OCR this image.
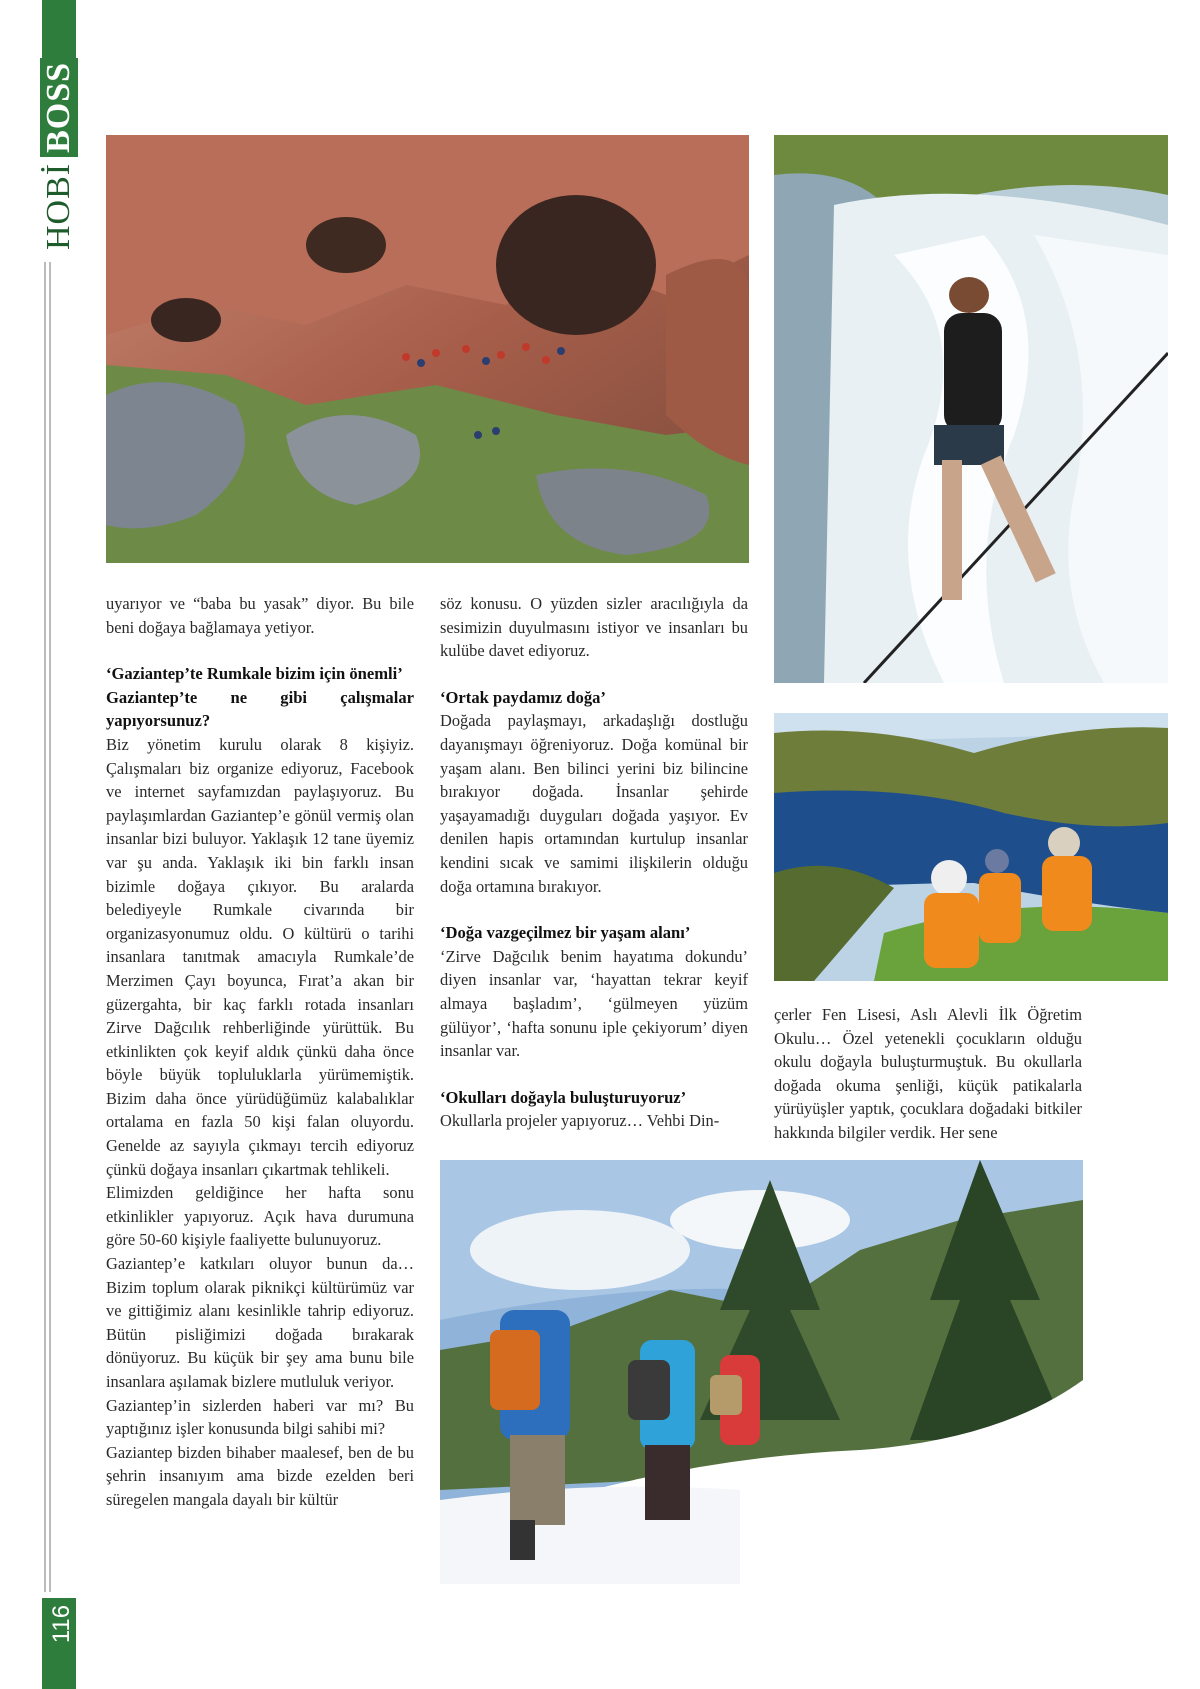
HOBİ
BOSS
116

uyarıyor ve “baba bu yasak” diyor. Bu bile beni doğaya bağlamaya yetiyor.

‘Gaziantep’te Rumkale bizim için önemli’
Gaziantep’te ne gibi çalışmalar yapıyorsunuz?

Biz yönetim kurulu olarak 8 kişiyiz. Çalışmaları biz organize ediyoruz, Facebook ve internet sayfamızdan paylaşıyoruz. Bu paylaşımlardan Gaziantep’e gönül vermiş olan insanlar bizi buluyor. Yaklaşık 12 tane üyemiz var şu anda. Yaklaşık iki bin farklı insan bizimle doğaya çıkıyor. Bu aralarda belediyeyle Rumkale civarında bir organizasyonumuz oldu. O kültürü o tarihi insanlara tanıtmak amacıyla Rumkale’de Merzimen Çayı boyunca, Fırat’a akan bir güzergahta, bir kaç farklı rotada insanları Zirve Dağcılık rehberliğinde yürüttük. Bu etkinlikten çok keyif aldık çünkü daha önce böyle büyük topluluklarla yürümemiştik. Bizim daha önce yürüdüğümüz kalabalıklar ortalama en fazla 50 kişi falan oluyordu. Genelde az sayıyla çıkmayı tercih ediyoruz çünkü doğaya insanları çıkartmak tehlikeli.

Elimizden geldiğince her hafta sonu etkinlikler yapıyoruz. Açık hava durumuna göre 50-60 kişiyle faaliyette bulunuyoruz.

Gaziantep’e katkıları oluyor bunun da… Bizim toplum olarak piknikçi kültürümüz var ve gittiğimiz alanı kesinlikle tahrip ediyoruz. Bütün pisliğimizi doğada bırakarak dönüyoruz. Bu küçük bir şey ama bunu bile insanlara aşılamak bizlere mutluluk veriyor.

Gaziantep’in sizlerden haberi var mı? Bu yaptığınız işler konusunda bilgi sahibi mi?

Gaziantep bizden bihaber maalesef, ben de bu şehrin insanıyım ama bizde ezelden beri süregelen mangala dayalı bir kültür

söz konusu. O yüzden sizler aracılığıyla da sesimizin duyulmasını istiyor ve insanları bu kulübe davet ediyoruz.

‘Ortak paydamız doğa’

Doğada paylaşmayı, arkadaşlığı dostluğu dayanışmayı öğreniyoruz. Doğa komünal bir yaşam alanı. Ben bilinci yerini biz bilincine bırakıyor doğada. İnsanlar şehirde yaşayamadığı duyguları doğada yaşıyor. Ev denilen hapis ortamından kurtulup insanlar kendini sıcak ve samimi ilişkilerin olduğu doğa ortamına bırakıyor.

‘Doğa vazgeçilmez bir yaşam alanı’

‘Zirve Dağcılık benim hayatıma dokundu’ diyen insanlar var, ‘hayattan tekrar keyif almaya başladım’, ‘gülmeyen yüzüm gülüyor’, ‘hafta sonunu iple çekiyorum’ diyen insanlar var.

‘Okulları doğayla buluşturuyoruz’

Okullarla projeler yapıyoruz… Vehbi Din-

çerler Fen Lisesi, Aslı Alevli İlk Öğretim Okulu… Özel yetenekli çocukların olduğu okulu doğayla buluşturmuştuk. Bu okullarla doğada okuma şenliği, küçük patikalarla yürüyüşler yaptık, çocuklara doğadaki bitkiler hakkında bilgiler verdik. Her sene
